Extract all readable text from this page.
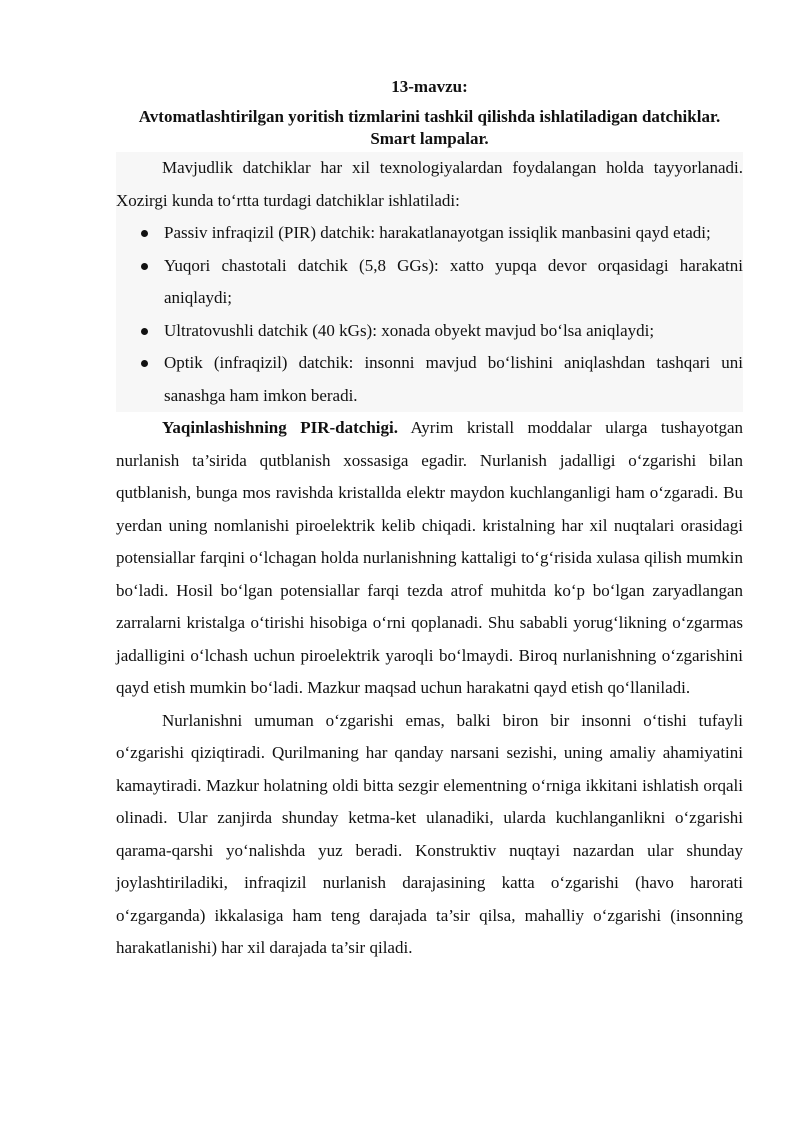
13-mavzu:

Avtomatlashtirilgan yoritish tizmlarini tashkil qilishda ishlatiladigan datchiklar. Smart lampalar.

Mavjudlik datchiklar har xil texnologiyalardan foydalangan holda tayyorlanadi. Xozirgi kunda to‘rtta turdagi datchiklar ishlatiladi:

Passiv infraqizil (PIR) datchik: harakatlanayotgan issiqlik manbasini qayd etadi;
Yuqori chastotali datchik (5,8 GGs): xatto yupqa devor orqasidagi harakatni aniqlaydi;
Ultratovushli datchik (40 kGs): xonada obyekt mavjud bo‘lsa aniqlaydi;
Optik (infraqizil) datchik: insonni mavjud bo‘lishini aniqlashdan tashqari uni sanashga ham imkon beradi.

Yaqinlashishning PIR-datchigi. Ayrim kristall moddalar ularga tushayotgan nurlanish ta’sirida qutblanish xossasiga egadir. Nurlanish jadalligi o‘zgarishi bilan qutblanish, bunga mos ravishda kristallda elektr maydon kuchlanganligi ham o‘zgaradi. Bu yerdan uning nomlanishi piroelektrik kelib chiqadi. kristalning har xil nuqtalari orasidagi potensiallar farqini o‘lchagan holda nurlanishning kattaligi to‘g‘risida xulasa qilish mumkin bo‘ladi. Hosil bo‘lgan potensiallar farqi tezda atrof muhitda ko‘p bo‘lgan zaryadlangan zarralarni kristalga o‘tirishi hisobiga o‘rni qoplanadi. Shu sababli yorug‘likning o‘zgarmas jadalligini o‘lchash uchun piroelektrik yaroqli bo‘lmaydi. Biroq nurlanishning o‘zgarishini qayd etish mumkin bo‘ladi. Mazkur maqsad uchun harakatni qayd etish qo‘llaniladi.

Nurlanishni umuman o‘zgarishi emas, balki biron bir insonni o‘tishi tufayli o‘zgarishi qiziqtiradi. Qurilmaning har qanday narsani sezishi, uning amaliy ahamiyatini kamaytiradi. Mazkur holatning oldi bitta sezgir elementning o‘rniga ikkitani ishlatish orqali olinadi. Ular zanjirda shunday ketma-ket ulanadiki, ularda kuchlanganlikni o‘zgarishi qarama-qarshi yo‘nalishda yuz beradi. Konstruktiv nuqtayi nazardan ular shunday joylashtiriladiki, infraqizil nurlanish darajasining katta o‘zgarishi (havo harorati o‘zgarganda) ikkalasiga ham teng darajada ta’sir qilsa, mahalliy o‘zgarishi (insonning harakatlanishi) har xil darajada ta’sir qiladi.
